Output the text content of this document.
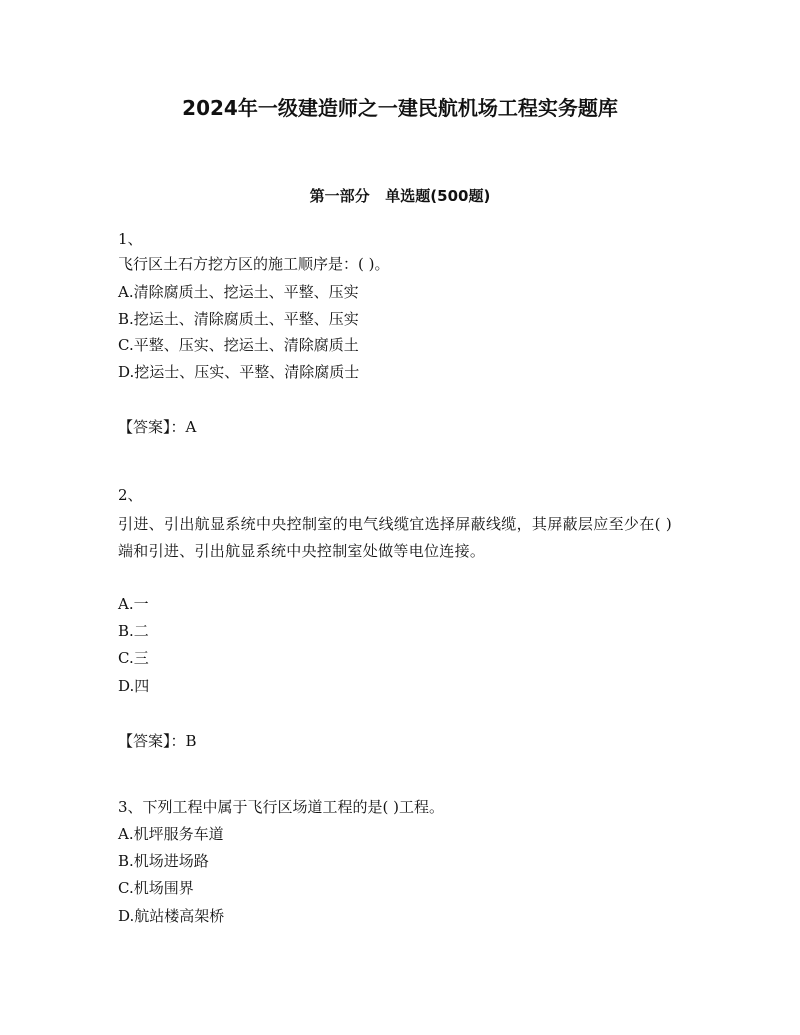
2024年一级建造师之一建民航机场工程实务题库
第一部分   单选题(500题)
1、
飞行区土石方挖方区的施工顺序是：( )。
A.清除腐质土、挖运土、平整、压实
B.挖运土、清除腐质土、平整、压实
C.平整、压实、挖运土、清除腐质土
D.挖运士、压实、平整、清除腐质士
【答案】：A
2、
引进、引出航显系统中央控制室的电气线缆宜选择屏蔽线缆，其屏蔽层应至少在( )端和引进、引出航显系统中央控制室处做等电位连接。
A.一
B.二
C.三
D.四
【答案】：B
3、下列工程中属于飞行区场道工程的是( )工程。
A.机坪服务车道
B.机场进场路
C.机场围界
D.航站楼高架桥
